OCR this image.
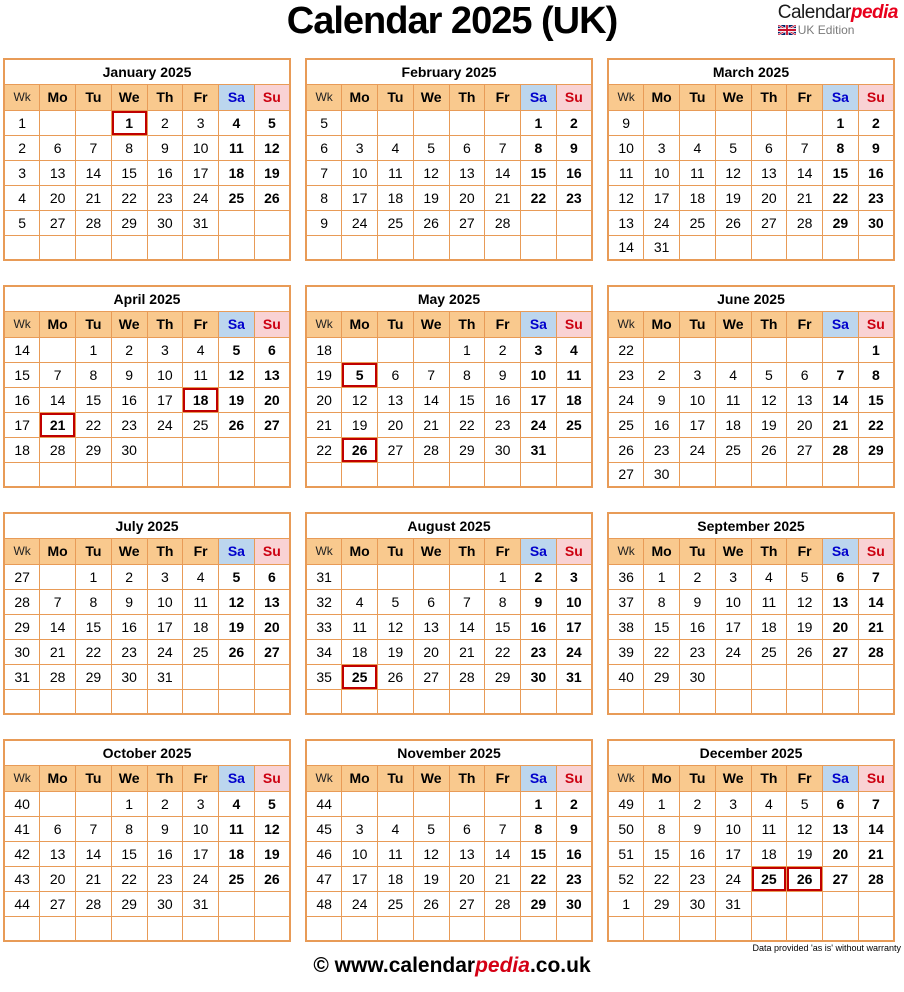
Calendar 2025 (UK)	Calendarpedia
UK Edition
January 2025							
Wk	Mo	Tu	We	Th	Fr	Sa	Su
1			1	2	3	4	5
2	6	7	8	9	10	11	12
3	13	14	15	16	17	18	19
4	20	21	22	23	24	25	26
5	27	28	29	30	31		

February 2025							
Wk	Mo	Tu	We	Th	Fr	Sa	Su
5						1	2
6	3	4	5	6	7	8	9
7	10	11	12	13	14	15	16
8	17	18	19	20	21	22	23
9	24	25	26	27	28		

March 2025							
Wk	Mo	Tu	We	Th	Fr	Sa	Su
9						1	2
10	3	4	5	6	7	8	9
11	10	11	12	13	14	15	16
12	17	18	19	20	21	22	23
13	24	25	26	27	28	29	30
14	31						
April 2025							
Wk	Mo	Tu	We	Th	Fr	Sa	Su
14		1	2	3	4	5	6
15	7	8	9	10	11	12	13
16	14	15	16	17	18	19	20
17	21	22	23	24	25	26	27
18	28	29	30				

May 2025							
Wk	Mo	Tu	We	Th	Fr	Sa	Su
18				1	2	3	4
19	5	6	7	8	9	10	11
20	12	13	14	15	16	17	18
21	19	20	21	22	23	24	25
22	26	27	28	29	30	31	

June 2025							
Wk	Mo	Tu	We	Th	Fr	Sa	Su
22							1
23	2	3	4	5	6	7	8
24	9	10	11	12	13	14	15
25	16	17	18	19	20	21	22
26	23	24	25	26	27	28	29
27	30						
July 2025							
Wk	Mo	Tu	We	Th	Fr	Sa	Su
27		1	2	3	4	5	6
28	7	8	9	10	11	12	13
29	14	15	16	17	18	19	20
30	21	22	23	24	25	26	27
31	28	29	30	31			

August 2025							
Wk	Mo	Tu	We	Th	Fr	Sa	Su
31					1	2	3
32	4	5	6	7	8	9	10
33	11	12	13	14	15	16	17
34	18	19	20	21	22	23	24
35	25	26	27	28	29	30	31

September 2025							
Wk	Mo	Tu	We	Th	Fr	Sa	Su
36	1	2	3	4	5	6	7
37	8	9	10	11	12	13	14
38	15	16	17	18	19	20	21
39	22	23	24	25	26	27	28
40	29	30					

October 2025							
Wk	Mo	Tu	We	Th	Fr	Sa	Su
40			1	2	3	4	5
41	6	7	8	9	10	11	12
42	13	14	15	16	17	18	19
43	20	21	22	23	24	25	26
44	27	28	29	30	31		

November 2025							
Wk	Mo	Tu	We	Th	Fr	Sa	Su
44						1	2
45	3	4	5	6	7	8	9
46	10	11	12	13	14	15	16
47	17	18	19	20	21	22	23
48	24	25	26	27	28	29	30

December 2025							
Wk	Mo	Tu	We	Th	Fr	Sa	Su
49	1	2	3	4	5	6	7
50	8	9	10	11	12	13	14
51	15	16	17	18	19	20	21
52	22	23	24	25	26	27	28
1	29	30	31				

Data provided 'as is' without warranty
© www.calendarpedia.co.uk
